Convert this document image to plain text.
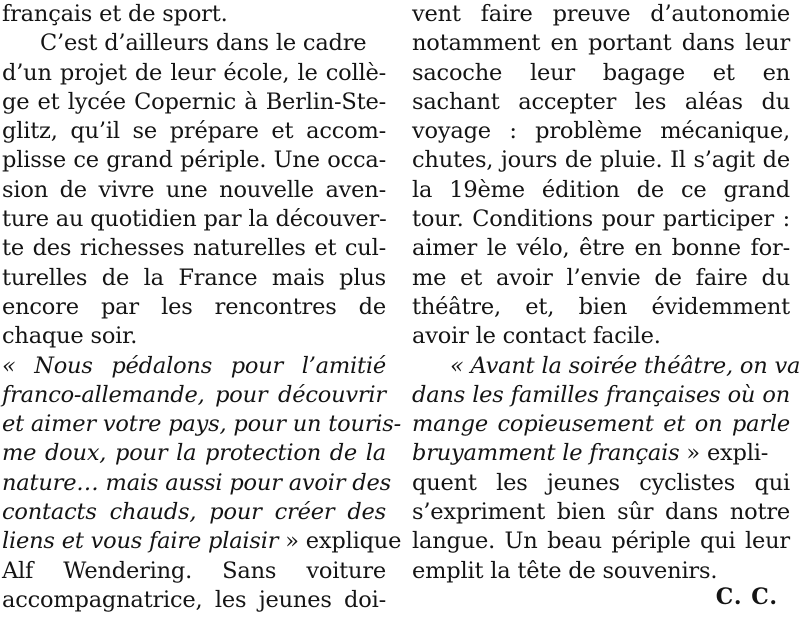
français et de sport.
C’est d’ailleurs dans le cadre
d’un projet de leur école, le collè-
ge et lycée Copernic à Berlin-Ste-
glitz, qu’il se prépare et accom-
plisse ce grand périple. Une occa-
sion de vivre une nouvelle aven-
ture au quotidien par la découver-
te des richesses naturelles et cul-
turelles de la France mais plus
encore par les rencontres de
chaque soir.
« Nous pédalons pour l’amitié
franco-allemande, pour découvrir
et aimer votre pays, pour un touris-
me doux, pour la protection de la
nature… mais aussi pour avoir des
contacts chauds, pour créer des
liens et vous faire plaisir » explique
Alf Wendering. Sans voiture
accompagnatrice, les jeunes doi-
vent faire preuve d’autonomie
notamment en portant dans leur
sacoche leur bagage et en
sachant accepter les aléas du
voyage : problème mécanique,
chutes, jours de pluie. Il s’agit de
la 19ème édition de ce grand
tour. Conditions pour participer :
aimer le vélo, être en bonne for-
me et avoir l’envie de faire du
théâtre, et, bien évidemment
avoir le contact facile.
« Avant la soirée théâtre, on va
dans les familles françaises où on
mange copieusement et on parle
bruyamment le français » expli-
quent les jeunes cyclistes qui
s’expriment bien sûr dans notre
langue. Un beau périple qui leur
emplit la tête de souvenirs.
C. C.
